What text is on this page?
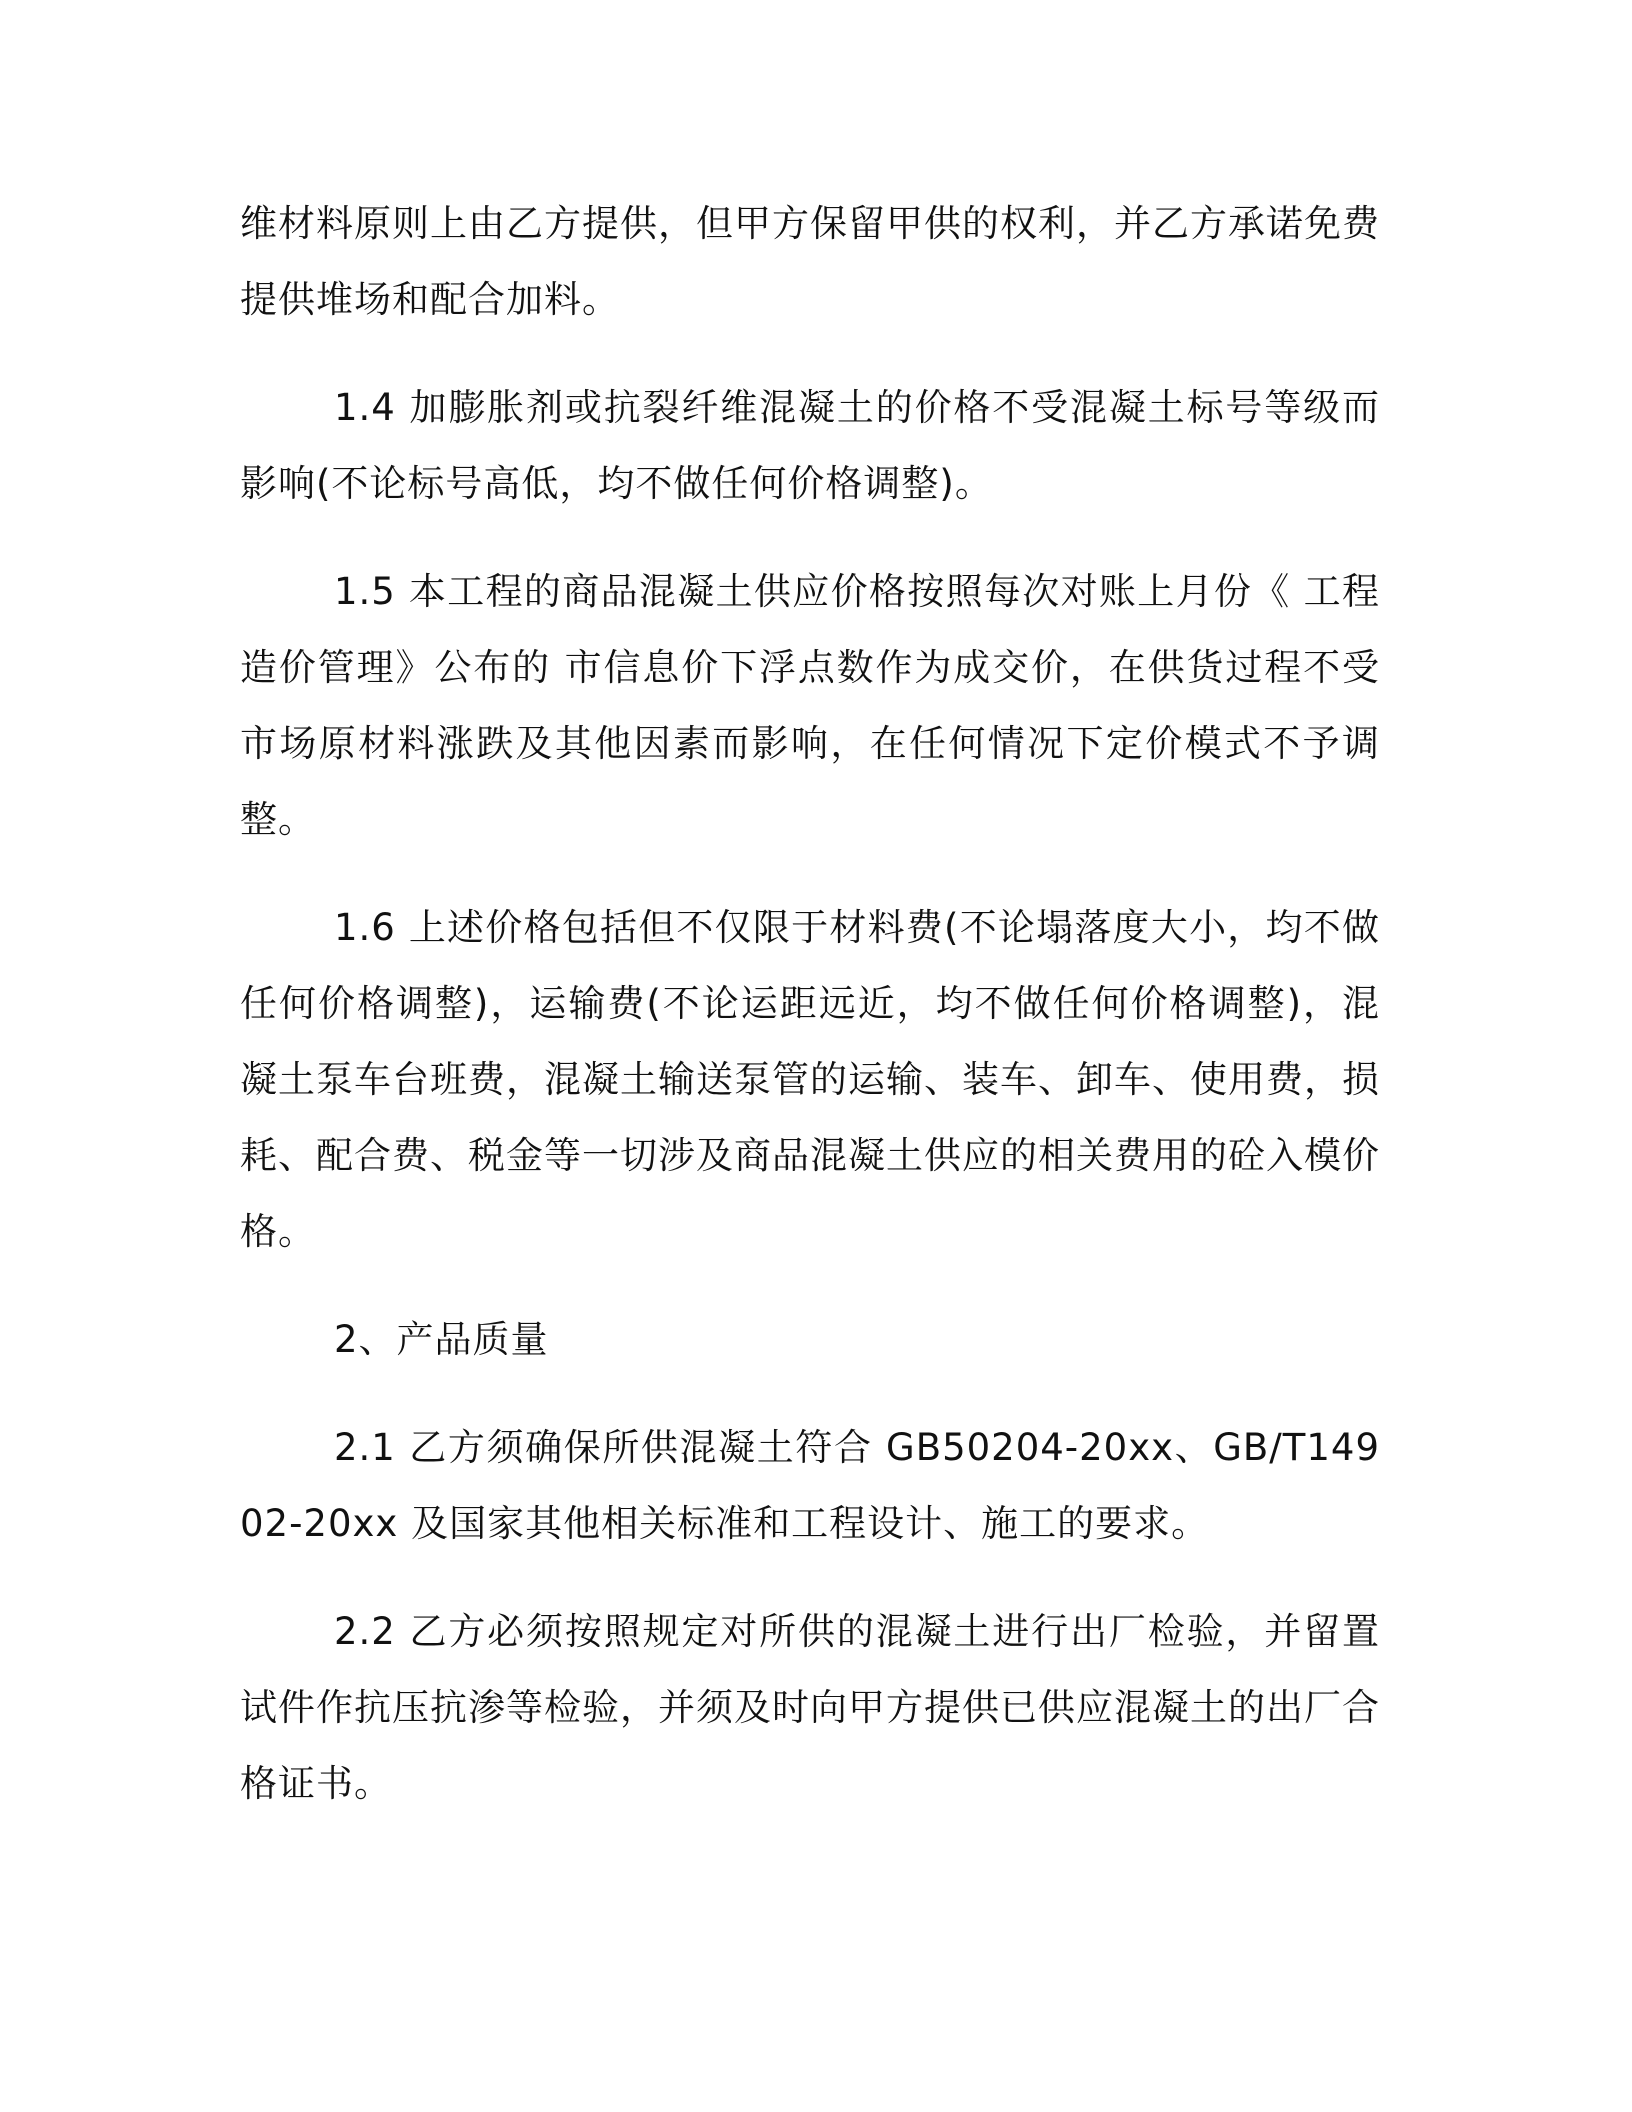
维材料原则上由乙方提供，但甲方保留甲供的权利，并乙方承诺免费提供堆场和配合加料。

1.4 加膨胀剂或抗裂纤维混凝土的价格不受混凝土标号等级而影响(不论标号高低，均不做任何价格调整)。

1.5 本工程的商品混凝土供应价格按照每次对账上月份《 工程造价管理》公布的 市信息价下浮点数作为成交价，在供货过程不受市场原材料涨跌及其他因素而影响，在任何情况下定价模式不予调整。

1.6 上述价格包括但不仅限于材料费(不论塌落度大小，均不做任何价格调整)，运输费(不论运距远近，均不做任何价格调整)，混凝土泵车台班费，混凝土输送泵管的运输、装车、卸车、使用费，损耗、配合费、税金等一切涉及商品混凝土供应的相关费用的砼入模价格。

2、产品质量

2.1 乙方须确保所供混凝土符合 GB50204-20xx、GB/T14902-20xx 及国家其他相关标准和工程设计、施工的要求。

2.2 乙方必须按照规定对所供的混凝土进行出厂检验，并留置试件作抗压抗渗等检验，并须及时向甲方提供已供应混凝土的出厂合格证书。
